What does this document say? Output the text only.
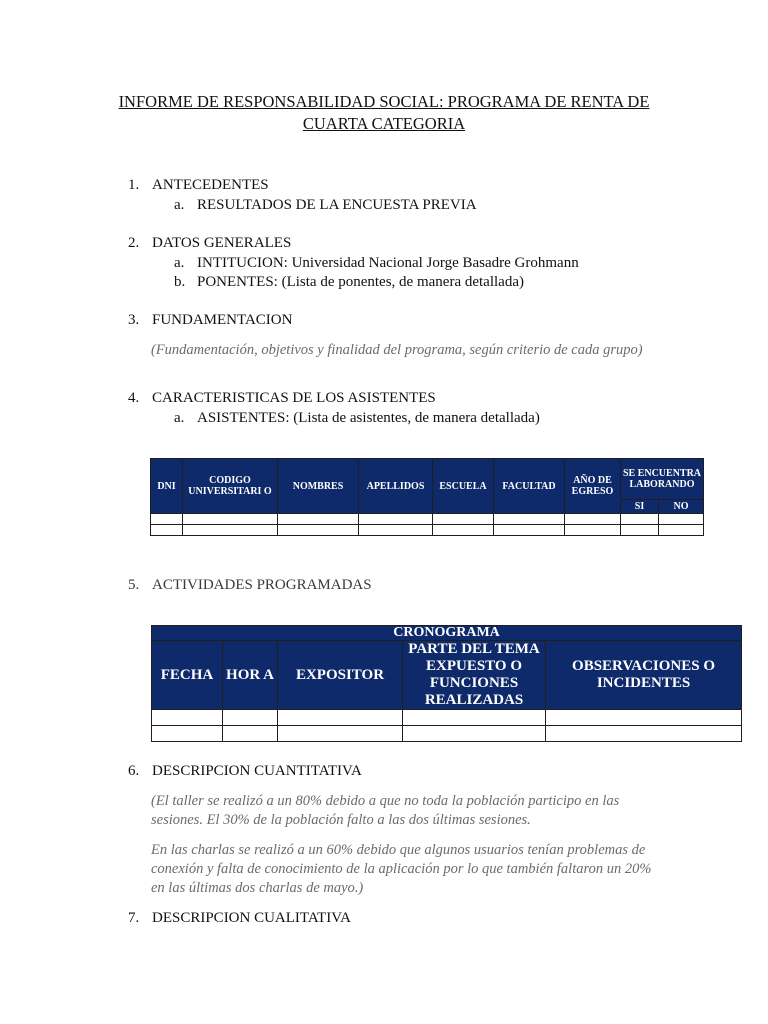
INFORME DE RESPONSABILIDAD SOCIAL: PROGRAMA DE RENTA DE CUARTA CATEGORIA
1. ANTECEDENTES
a. RESULTADOS DE LA ENCUESTA PREVIA
2. DATOS GENERALES
a. INTITUCION: Universidad Nacional Jorge Basadre Grohmann
b. PONENTES: (Lista de ponentes, de manera detallada)
3. FUNDAMENTACION
(Fundamentación, objetivos y finalidad del programa, según criterio de cada grupo)
4. CARACTERISTICAS DE LOS ASISTENTES
a. ASISTENTES: (Lista de asistentes, de manera detallada)
DNI	CODIGO UNIVERSITARI O	NOMBRES	APELLIDOS	ESCUELA	FACULTAD	AÑO DE EGRESO	SE ENCUENTRA LABORANDO	
							SI	NO

5. ACTIVIDADES PROGRAMADAS
CRONOGRAMA				
FECHA	HOR A	EXPOSITOR	PARTE DEL TEMA EXPUESTO O FUNCIONES REALIZADAS	OBSERVACIONES O INCIDENTES

6. DESCRIPCION CUANTITATIVA
(El taller se realizó a un 80% debido a que no toda la población participo en las sesiones. El 30% de la población falto a las dos últimas sesiones.
En las charlas se realizó a un 60% debido que algunos usuarios tenían problemas de conexión y falta de conocimiento de la aplicación por lo que también faltaron un 20% en las últimas dos charlas de mayo.)
7. DESCRIPCION CUALITATIVA
